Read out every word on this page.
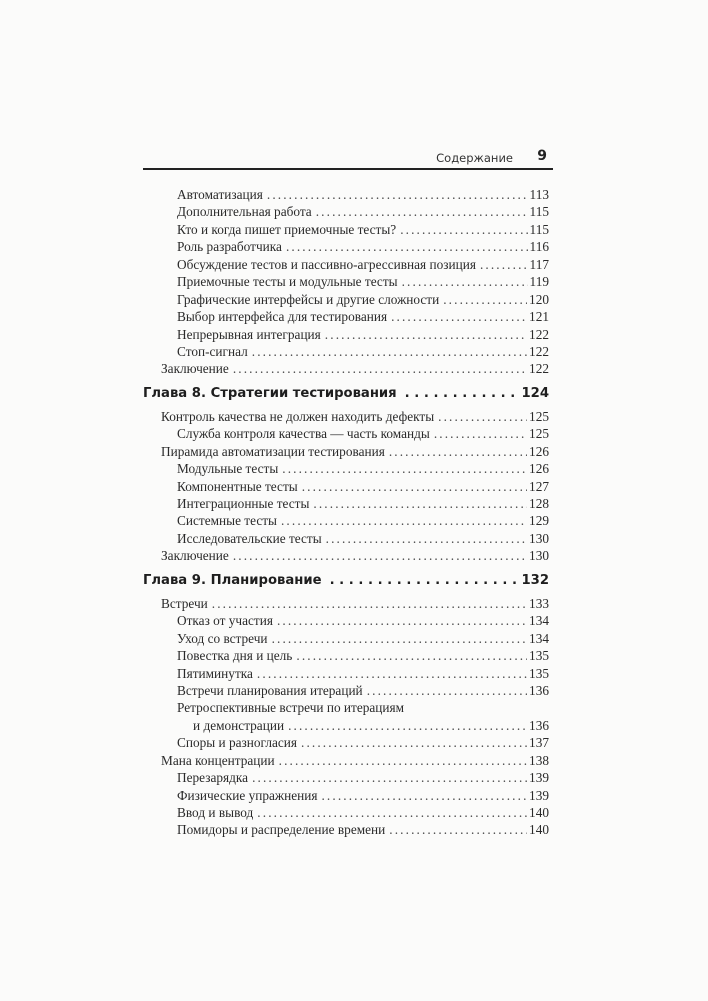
Содержание 9
Автоматизация . . .	113
Дополнительная работа . . .	115
Кто и когда пишет приемочные тесты? . . .	115
Роль разработчика . . .	116
Обсуждение тестов и пассивно-агрессивная позиция . . .	117
Приемочные тесты и модульные тесты . . .	119
Графические интерфейсы и другие сложности . . .	120
Выбор интерфейса для тестирования . . .	121
Непрерывная интеграция . . .	122
Стоп-сигнал . . .	122
Заключение . . .	122
Глава 8. Стратегии тестирования . . .	124
Контроль качества не должен находить дефекты . . .	125
Служба контроля качества — часть команды . . .	125
Пирамида автоматизации тестирования . . .	126
Модульные тесты . . .	126
Компонентные тесты . . .	127
Интеграционные тесты . . .	128
Системные тесты . . .	129
Исследовательские тесты . . .	130
Заключение . . .	130
Глава 9. Планирование . . .	132
Встречи . . .	133
Отказ от участия . . .	134
Уход со встречи . . .	134
Повестка дня и цель . . .	135
Пятиминутка . . .	135
Встречи планирования итераций . . .	136
Ретроспективные встречи по итерациям
и демонстрации . . .	136
Споры и разногласия . . .	137
Мана концентрации . . .	138
Перезарядка . . .	139
Физические упражнения . . .	139
Ввод и вывод . . .	140
Помидоры и распределение времени . . .	140
